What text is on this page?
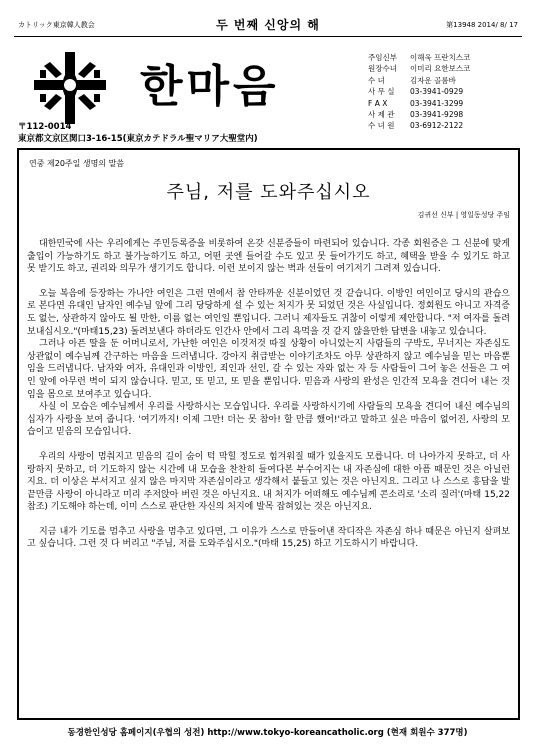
カトリック東京韓人教会	두 번째 신앙의 해	第13948 2014/ 8/ 17
한마음
주임신부	이해욱 프란치스코
원장수녀	이미리 요한보스코
수 녀	김자운 골롬바
사 무 실	03-3941-0929
F A X	03-3941-3299
사 제 관	03-3941-9298
수 녀 원	03-6912-2122
〒112-0014
東京都文京区関口3-16-15(東京カテドラル聖マリア大聖堂内)
연중 제20주일 생명의 말씀
주님, 저를 도와주십시오
김귀선 신부 | 영일동성당 주임

대한민국에 사는 우리에게는 주민등록증을 비롯하여 온갖 신분증들이 마련되어 있습니다. 각종 회원증은 그 신분에 맞게 출입이 가능하기도 하고 불가능하기도 하고, 어떤 곳엔 들어갈 수도 있고 못 들어가기도 하고, 혜택을 받을 수 있기도 하고 못 받기도 하고, 권리와 의무가 생기기도 합니다. 이런 보이지 않는 벽과 선들이 여기저기 그려져 있습니다.

오늘 복음에 등장하는 가나안 여인은 그런 면에서 참 안타까운 신분이었던 것 같습니다. 이방인 여인이고 당시의 관습으로 본다면 유대인 남자인 예수님 앞에 그리 당당하게 설 수 있는 처지가 못 되었던 것은 사실입니다. 정회원도 아니고 자격증도 없는, 상관하지 않아도 될 만한, 이름 없는 여인일 뿐입니다. 그러니 제자들도 귀찮이 이렇게 제안합니다. "저 여자를 돌려보내십시오."(마태15,23) 돌려보낸다 하더라도 인간사 안에서 그리 욕먹을 것 같지 않을만한 답변을 내놓고 있습니다.

그러나 아픈 딸을 둔 어머니로서, 가난한 여인은 이것저것 따질 상황이 아니었는지 사람들의 구박도, 무너지는 자존심도 상관없이 예수님께 간구하는 마음을 드러냅니다. 강아지 취급받는 이야기조차도 아무 상관하지 않고 예수님을 믿는 마음뿐임을 드러냅니다. 남자와 여자, 유대인과 이방인, 죄인과 선인, 갈 수 있는 자와 없는 자 등 사람들이 그어 놓은 선들은 그 여인 앞에 아무런 벽이 되지 않습니다. 믿고, 또 믿고, 또 믿을 뿐입니다. 믿음과 사랑의 완성은 인간적 모욕을 견디어 내는 것임을 몸으로 보여주고 있습니다.

사실 이 모습은 예수님께서 우리를 사랑하시는 모습입니다. 우리를 사랑하시기에 사람들의 모욕을 견디어 내신 예수님의 십자가 사랑을 보여 줍니다. '여기까지! 이제 그만! 더는 못 참아! 할 만큼 했어!'라고 말하고 싶은 마음이 없어진, 사랑의 모습이고 믿음의 모습입니다.

우리의 사랑이 멈춰지고 믿음의 길이 숨이 턱 막힐 정도로 힘겨워질 때가 있을지도 모릅니다. 더 나아가지 못하고, 더 사랑하지 못하고, 더 기도하지 않는 시간에 내 모습을 찬찬히 들여다본 부수어지는 내 자존심에 대한 아픔 때문인 것은 아닐런지요. 더 이상은 부서지고 싶지 않은 마지막 자존심이라고 생각해서 붙들고 있는 것은 아닌지요. 그리고 나 스스로 흥답을 발끝만큼 사랑이 아니라고 미리 주저앉아 버린 것은 아닌지요. 내 처지가 어떠해도 예수님께 콘소리로 '소리 질러'(마태 15,22 참조) 기도해야 하는데, 이미 스스로 판단한 자신의 처지에 발목 잡혀있는 것은 아닌지요.

지금 내가 기도를 멈추고 사랑을 멈추고 있다면, 그 이유가 스스로 만들어낸 작디작은 자존심 하나 때문은 아닌지 살펴보고 싶습니다. 그런 것 다 버리고 "주님, 저를 도와주십시오."(마태 15,25) 하고 기도하시기 바랍니다.

동경한인성당 홈페이지(우협의 성전) http://www.tokyo-koreancatholic.org (현재 회원수 377명)
